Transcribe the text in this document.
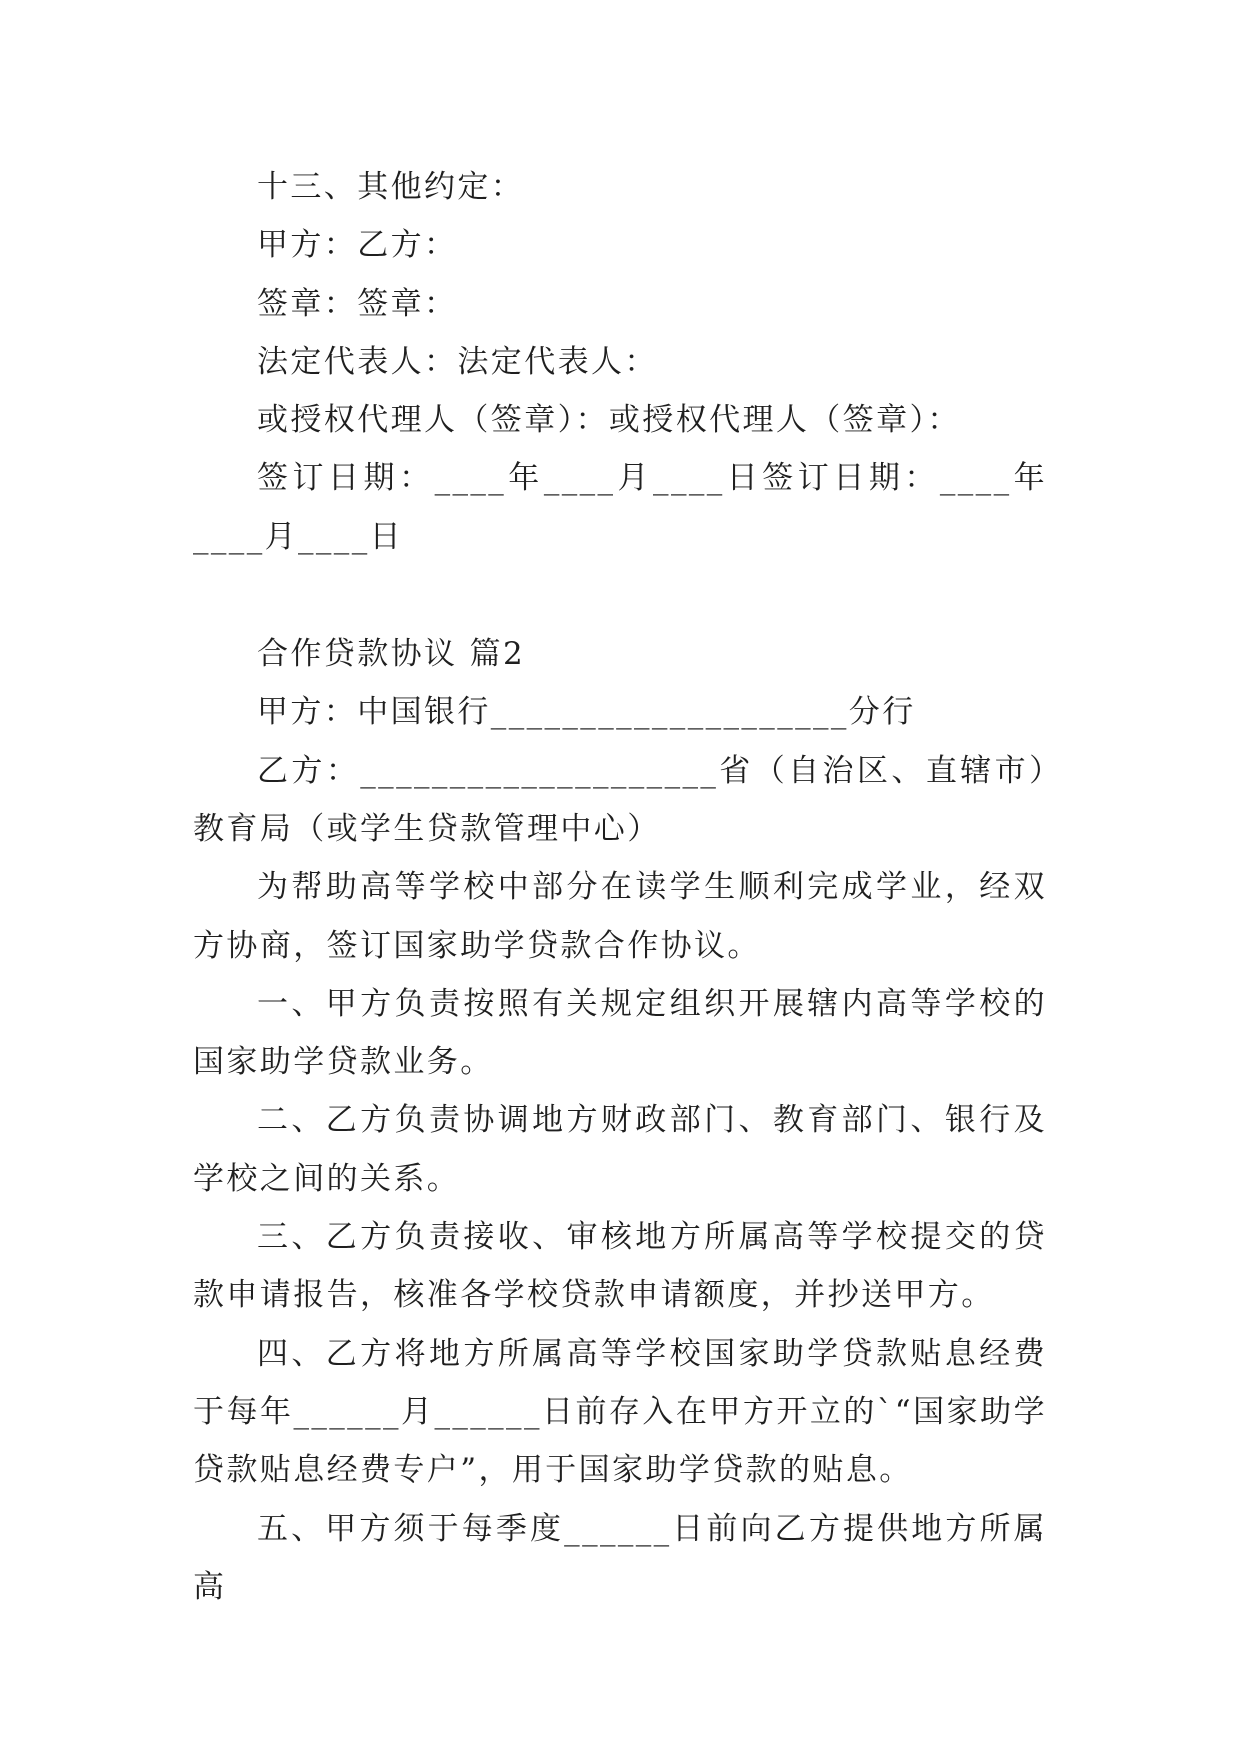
十三、其他约定：

甲方：乙方：

签章：签章：

法定代表人：法定代表人：

或授权代理人（签章）：或授权代理人（签章）：

签订日期：____年____月____日签订日期：____年____月____日

合作贷款协议 篇2

甲方：中国银行____________________分行

乙方：____________________省（自治区、直辖市）教育局（或学生贷款管理中心）

为帮助高等学校中部分在读学生顺利完成学业，经双方协商，签订国家助学贷款合作协议。

一、甲方负责按照有关规定组织开展辖内高等学校的国家助学贷款业务。

二、乙方负责协调地方财政部门、教育部门、银行及学校之间的关系。

三、乙方负责接收、审核地方所属高等学校提交的贷款申请报告，核准各学校贷款申请额度，并抄送甲方。

四、乙方将地方所属高等学校国家助学贷款贴息经费于每年______月______日前存入在甲方开立的`“国家助学贷款贴息经费专户”，用于国家助学贷款的贴息。

五、甲方须于每季度______日前向乙方提供地方所属高
